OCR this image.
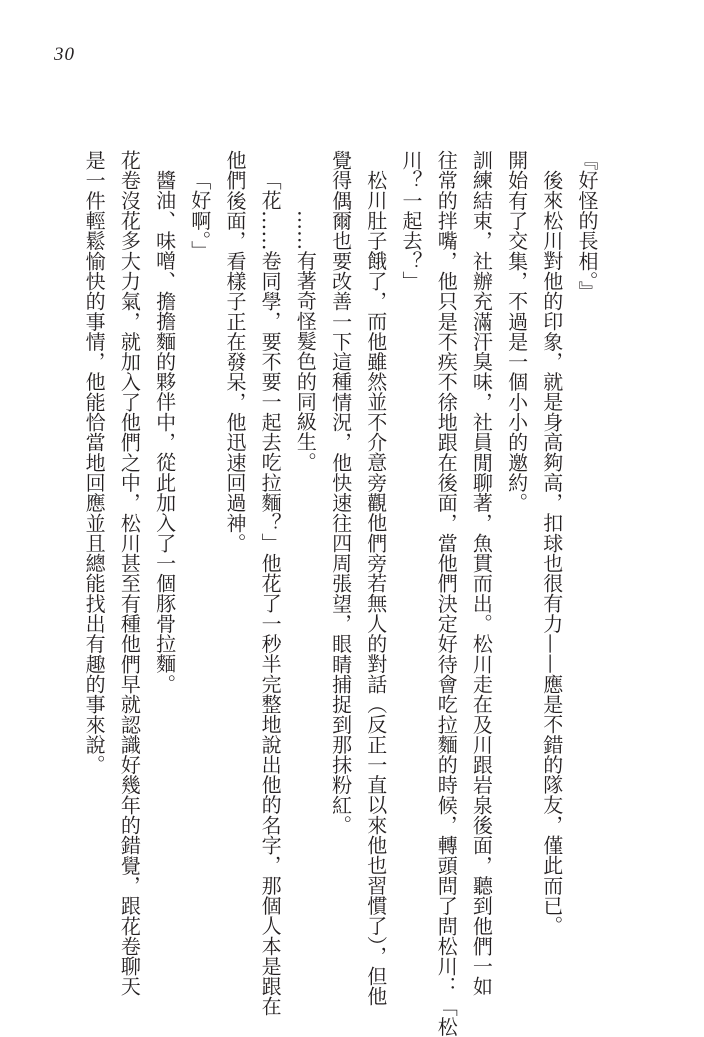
30

『好怪的長相。』

後來松川對他的印象，就是身高夠高，扣球也很有力——應是不錯的隊友，僅此而已。

開始有了交集，不過是一個小小的邀約。

訓練結束，社辦充滿汗臭味，社員閒聊著，魚貫而出。松川走在及川跟岩泉後面，聽到他們一如

往常的拌嘴，他只是不疾不徐地跟在後面，當他們決定好待會吃拉麵的時候，轉頭問了問松川：「松

川？一起去？」

松川肚子餓了，而他雖然並不介意旁觀他們旁若無人的對話（反正一直以來他也習慣了），但他

覺得偶爾也要改善一下這種情況，他快速往四周張望，眼睛捕捉到那抹粉紅。

……有著奇怪髮色的同級生。

「花……卷同學，要不要一起去吃拉麵？」他花了一秒半完整地說出他的名字，那個人本是跟在

他們後面，看樣子正在發呆，他迅速回過神。

「好啊。」

醬油、味噌、擔擔麵的夥伴中，從此加入了一個豚骨拉麵。

花卷沒花多大力氣，就加入了他們之中，松川甚至有種他們早就認識好幾年的錯覺，跟花卷聊天

是一件輕鬆愉快的事情，他能恰當地回應並且總能找出有趣的事來說。
